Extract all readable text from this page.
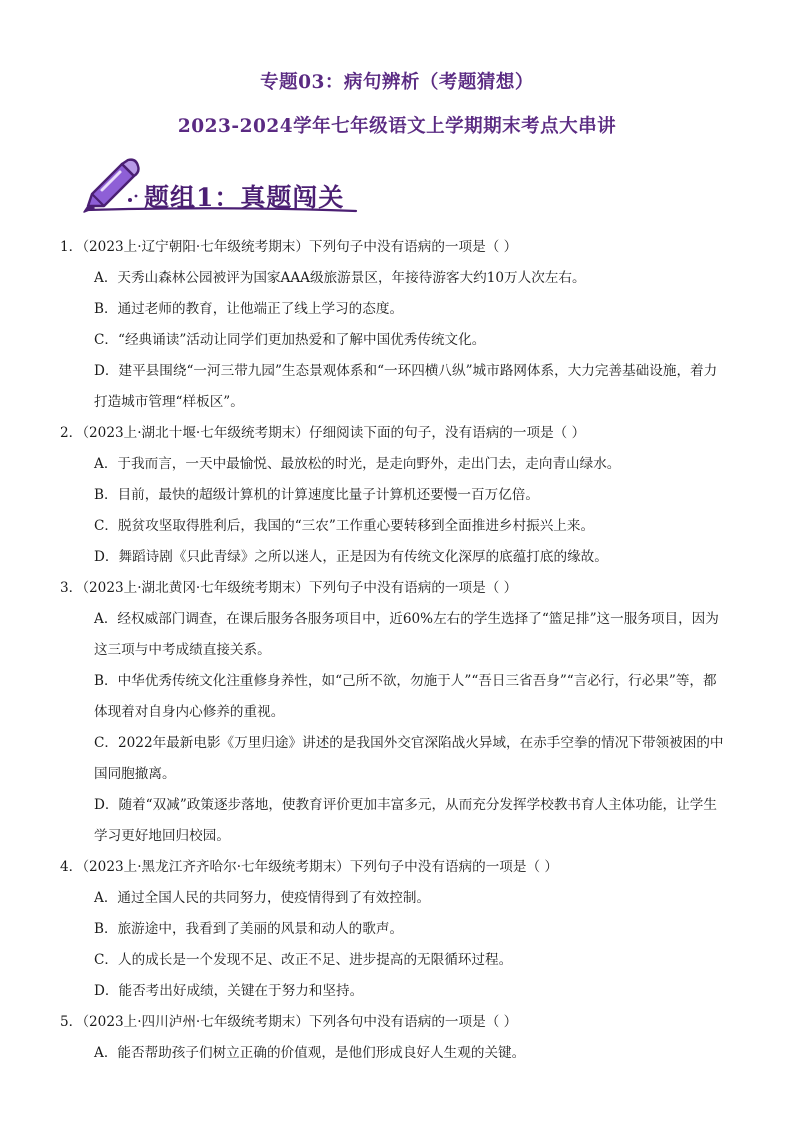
专题03：病句辨析（考题猜想）
2023-2024学年七年级语文上学期期末考点大串讲
题组1：真题闯关
1．（2023上·辽宁朝阳·七年级统考期末）下列句子中没有语病的一项是（ ）
A．天秀山森林公园被评为国家AAA级旅游景区，年接待游客大约10万人次左右。
B．通过老师的教育，让他端正了线上学习的态度。
C．“经典诵读”活动让同学们更加热爱和了解中国优秀传统文化。
D．建平县围绕“一河三带九园”生态景观体系和“一环四横八纵”城市路网体系，大力完善基础设施，着力打造城市管理“样板区”。
2．（2023上·湖北十堰·七年级统考期末）仔细阅读下面的句子，没有语病的一项是（ ）
A．于我而言，一天中最愉悦、最放松的时光，是走向野外，走出门去，走向青山绿水。
B．目前，最快的超级计算机的计算速度比量子计算机还要慢一百万亿倍。
C．脱贫攻坚取得胜利后，我国的“三农”工作重心要转移到全面推进乡村振兴上来。
D．舞蹈诗剧《只此青绿》之所以迷人，正是因为有传统文化深厚的底蕴打底的缘故。
3．（2023上·湖北黄冈·七年级统考期末）下列句子中没有语病的一项是（ ）
A．经权威部门调查，在课后服务各服务项目中，近60%左右的学生选择了“篮足排”这一服务项目，因为这三项与中考成绩直接关系。
B．中华优秀传统文化注重修身养性，如“己所不欲，勿施于人”“吾日三省吾身”“言必行，行必果”等，都体现着对自身内心修养的重视。
C．2022年最新电影《万里归途》讲述的是我国外交官深陷战火异域，在赤手空拳的情况下带领被困的中国同胞撤离。
D．随着“双减”政策逐步落地，使教育评价更加丰富多元，从而充分发挥学校教书育人主体功能，让学生学习更好地回归校园。
4．（2023上·黑龙江齐齐哈尔·七年级统考期末）下列句子中没有语病的一项是（ ）
A．通过全国人民的共同努力，使疫情得到了有效控制。
B．旅游途中，我看到了美丽的风景和动人的歌声。
C．人的成长是一个发现不足、改正不足、进步提高的无限循环过程。
D．能否考出好成绩，关键在于努力和坚持。
5．（2023上·四川泸州·七年级统考期末）下列各句中没有语病的一项是（ ）
A．能否帮助孩子们树立正确的价值观，是他们形成良好人生观的关键。
